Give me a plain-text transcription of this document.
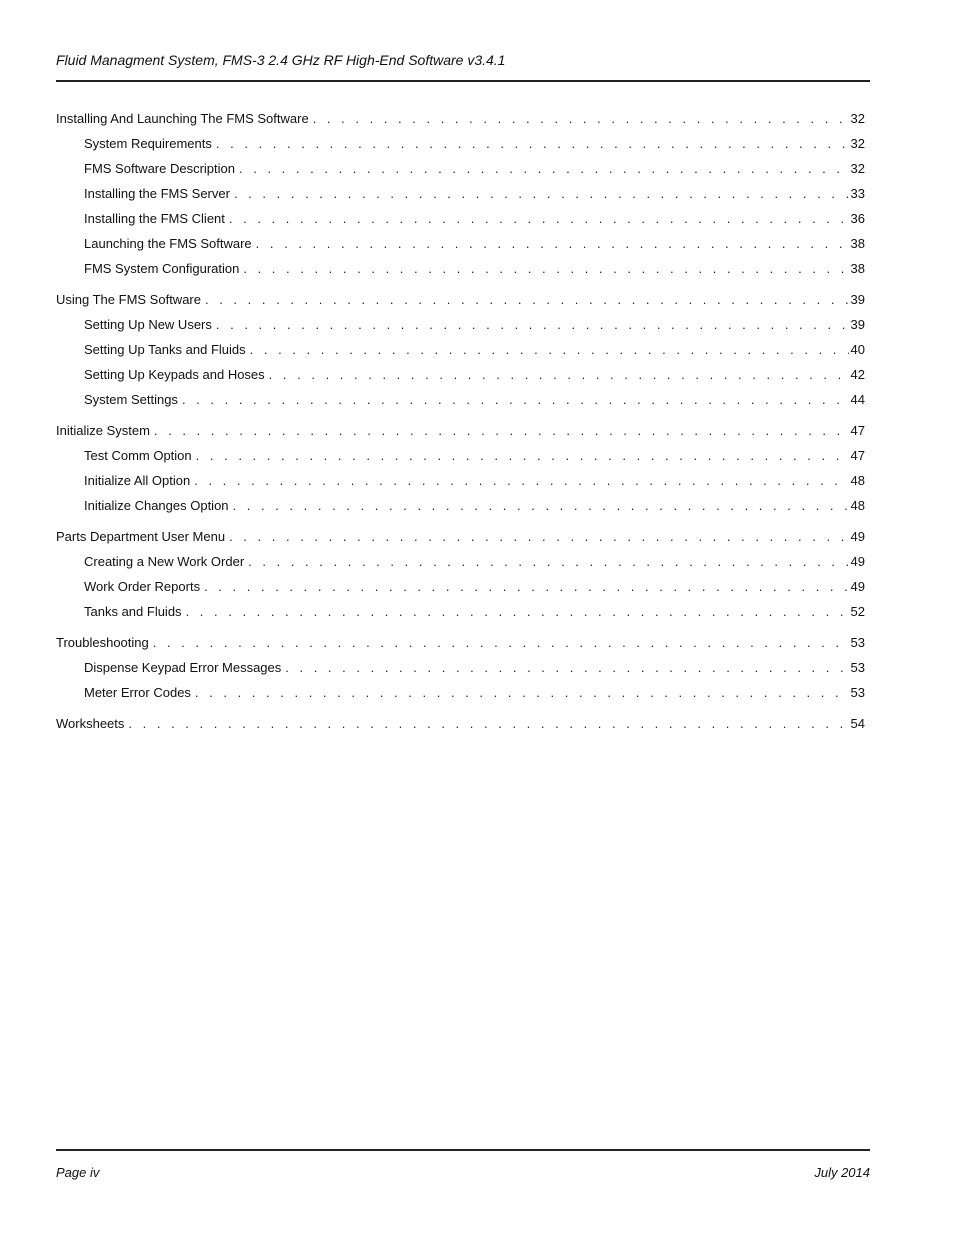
Fluid Managment System, FMS-3 2.4 GHz RF High-End Software v3.4.1
Installing And Launching The FMS Software . . .	32
System Requirements . . .	32
FMS Software Description . . .	32
Installing the FMS Server . . .	33
Installing the FMS Client . . .	36
Launching the FMS Software . . .	38
FMS System Configuration . . .	38
Using The FMS Software . . .	39
Setting Up New Users . . .	39
Setting Up Tanks and Fluids . . .	40
Setting Up Keypads and Hoses . . .	42
System Settings . . .	44
Initialize System . . .	47
Test Comm Option . . .	47
Initialize All Option . . .	48
Initialize Changes Option . . .	48
Parts Department User Menu . . .	49
Creating a New Work Order . . .	49
Work Order Reports . . .	49
Tanks and Fluids . . .	52
Troubleshooting . . .	53
Dispense Keypad Error Messages . . .	53
Meter Error Codes . . .	53
Worksheets . . .	54
Page iv	July 2014
